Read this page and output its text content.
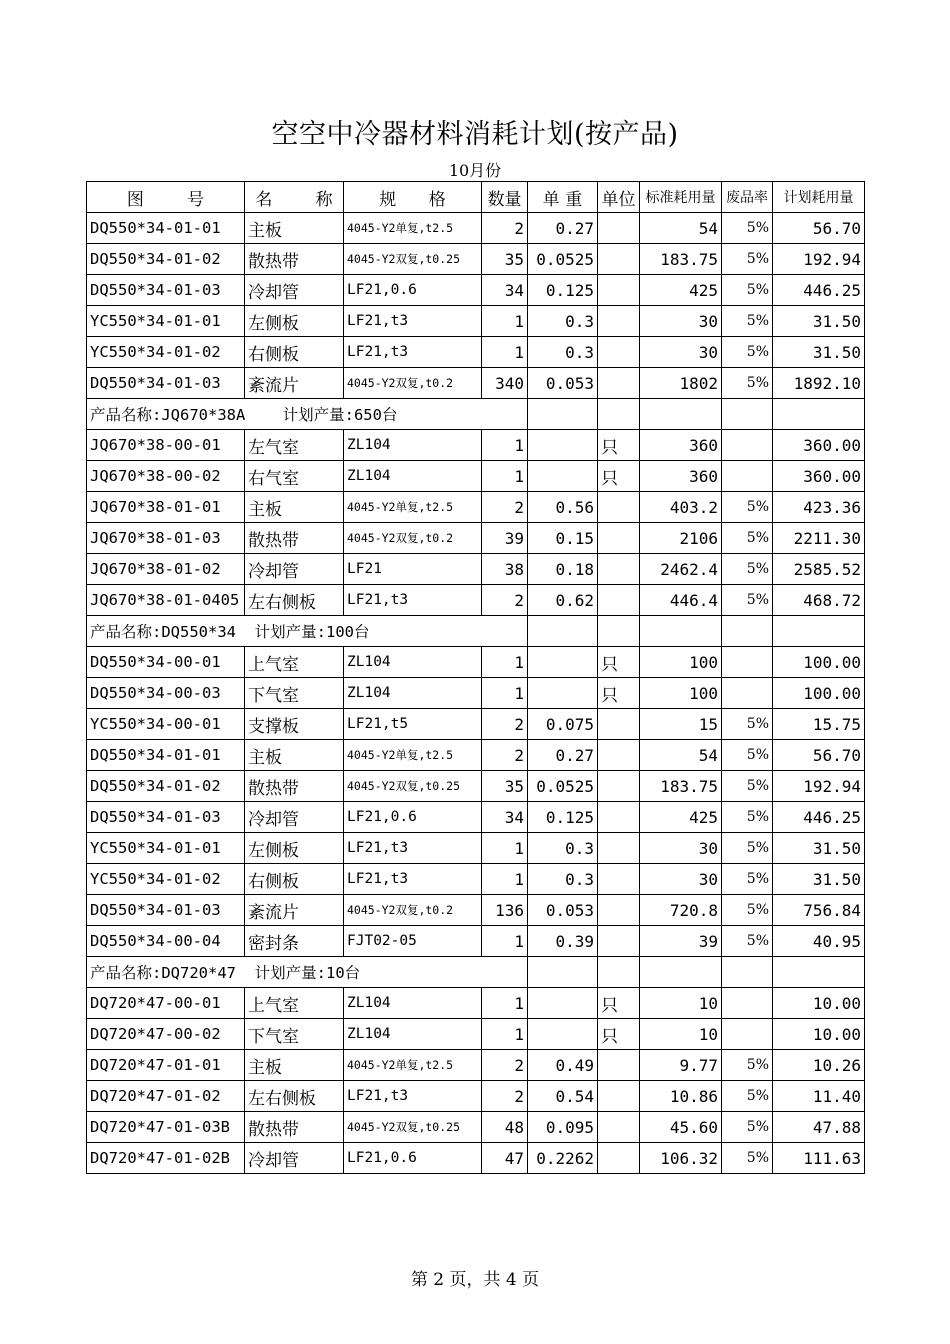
空空中冷器材料消耗计划(按产品)
10月份
图        号	名        称	规      格	数量	单 重	单位	标准耗用量	废品率	计划耗用量
DQ550*34-01-01	主板	4045-Y2单复,t2.5	2	0.27		54	5%	56.70
DQ550*34-01-02	散热带	4045-Y2双复,t0.25	35	0.0525		183.75	5%	192.94
DQ550*34-01-03	冷却管	LF21,0.6	34	0.125		425	5%	446.25
YC550*34-01-01	左侧板	LF21,t3	1	0.3		30	5%	31.50
YC550*34-01-02	右侧板	LF21,t3	1	0.3		30	5%	31.50
DQ550*34-01-03	紊流片	4045-Y2双复,t0.2	340	0.053		1802	5%	1892.10
产品名称:JQ670*38A    计划产量:650台								
JQ670*38-00-01	左气室	ZL104	1		只	360		360.00
JQ670*38-00-02	右气室	ZL104	1		只	360		360.00
JQ670*38-01-01	主板	4045-Y2单复,t2.5	2	0.56		403.2	5%	423.36
JQ670*38-01-03	散热带	4045-Y2双复,t0.2	39	0.15		2106	5%	2211.30
JQ670*38-01-02	冷却管	LF21	38	0.18		2462.4	5%	2585.52
JQ670*38-01-0405	左右侧板	LF21,t3	2	0.62		446.4	5%	468.72
产品名称:DQ550*34  计划产量:100台								
DQ550*34-00-01	上气室	ZL104	1		只	100		100.00
DQ550*34-00-03	下气室	ZL104	1		只	100		100.00
YC550*34-00-01	支撑板	LF21,t5	2	0.075		15	5%	15.75
DQ550*34-01-01	主板	4045-Y2单复,t2.5	2	0.27		54	5%	56.70
DQ550*34-01-02	散热带	4045-Y2双复,t0.25	35	0.0525		183.75	5%	192.94
DQ550*34-01-03	冷却管	LF21,0.6	34	0.125		425	5%	446.25
YC550*34-01-01	左侧板	LF21,t3	1	0.3		30	5%	31.50
YC550*34-01-02	右侧板	LF21,t3	1	0.3		30	5%	31.50
DQ550*34-01-03	紊流片	4045-Y2双复,t0.2	136	0.053		720.8	5%	756.84
DQ550*34-00-04	密封条	FJT02-05	1	0.39		39	5%	40.95
产品名称:DQ720*47  计划产量:10台								
DQ720*47-00-01	上气室	ZL104	1		只	10		10.00
DQ720*47-00-02	下气室	ZL104	1		只	10		10.00
DQ720*47-01-01	主板	4045-Y2单复,t2.5	2	0.49		9.77	5%	10.26
DQ720*47-01-02	左右侧板	LF21,t3	2	0.54		10.86	5%	11.40
DQ720*47-01-03B	散热带	4045-Y2双复,t0.25	48	0.095		45.60	5%	47.88
DQ720*47-01-02B	冷却管	LF21,0.6	47	0.2262		106.32	5%	111.63
第 2 页，共 4 页
